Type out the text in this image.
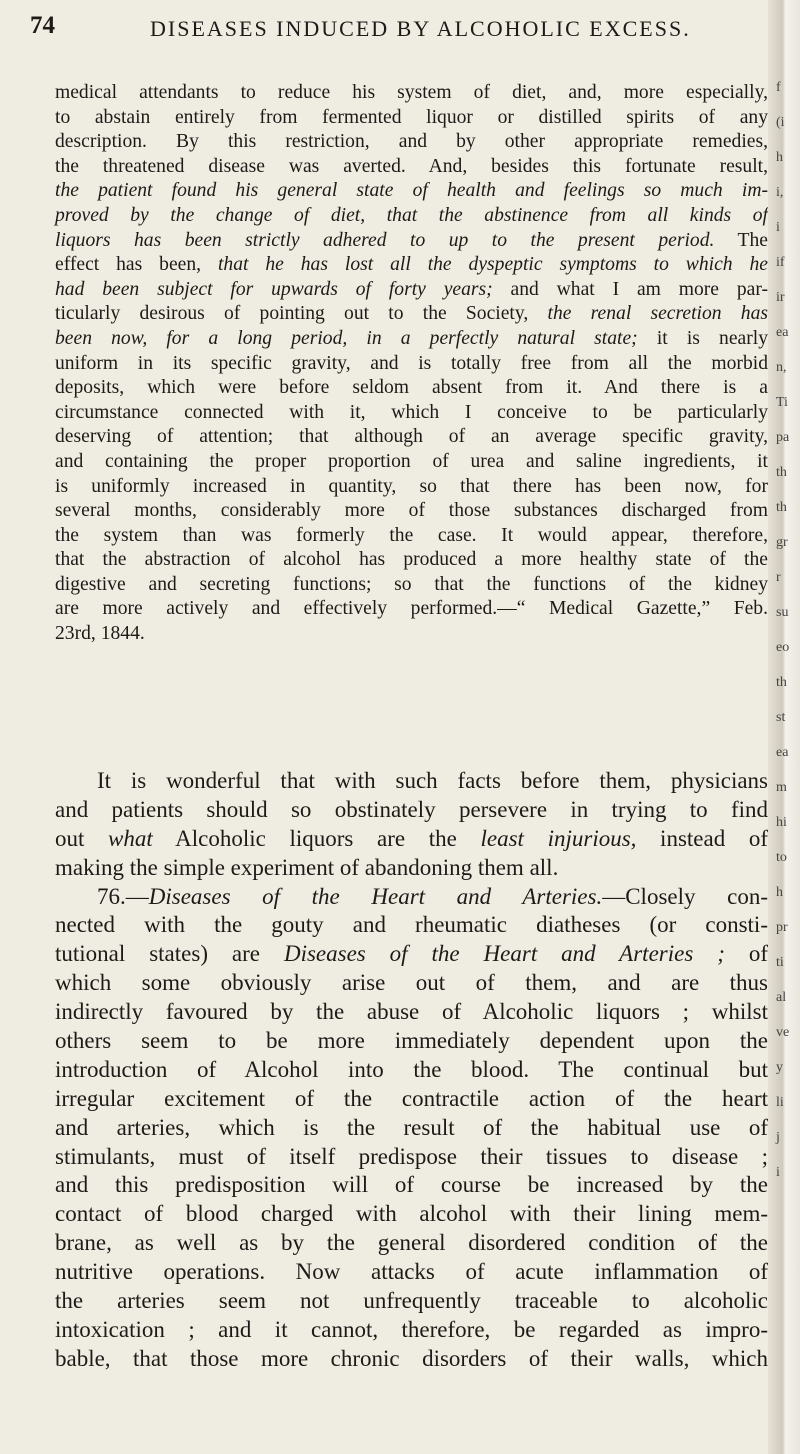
74	DISEASES INDUCED BY ALCOHOLIC EXCESS.
medical attendants to reduce his system of diet, and, more especially,
to abstain entirely from fermented liquor or distilled spirits of any
description. By this restriction, and by other appropriate remedies,
the threatened disease was averted. And, besides this fortunate result,
the patient found his general state of health and feelings so much im-
proved by the change of diet, that the abstinence from all kinds of
liquors has been strictly adhered to up to the present period. The
effect has been, that he has lost all the dyspeptic symptoms to which he
had been subject for upwards of forty years; and what I am more par-
ticularly desirous of pointing out to the Society, the renal secretion has
been now, for a long period, in a perfectly natural state; it is nearly
uniform in its specific gravity, and is totally free from all the morbid
deposits, which were before seldom absent from it. And there is a
circumstance connected with it, which I conceive to be particularly
deserving of attention; that although of an average specific gravity,
and containing the proper proportion of urea and saline ingredients, it
is uniformly increased in quantity, so that there has been now, for
several months, considerably more of those substances discharged from
the system than was formerly the case. It would appear, therefore,
that the abstraction of alcohol has produced a more healthy state of the
digestive and secreting functions; so that the functions of the kidney
are more actively and effectively performed.—“ Medical Gazette,” Feb.
23rd, 1844.
It is wonderful that with such facts before them, physicians
and patients should so obstinately persevere in trying to find
out what Alcoholic liquors are the least injurious, instead of
making the simple experiment of abandoning them all.
76.—Diseases of the Heart and Arteries.—Closely con-
nected with the gouty and rheumatic diatheses (or consti-
tutional states) are Diseases of the Heart and Arteries ; of
which some obviously arise out of them, and are thus
indirectly favoured by the abuse of Alcoholic liquors ; whilst
others seem to be more immediately dependent upon the
introduction of Alcohol into the blood. The continual but
irregular excitement of the contractile action of the heart
and arteries, which is the result of the habitual use of
stimulants, must of itself predispose their tissues to disease ;
and this predisposition will of course be increased by the
contact of blood charged with alcohol with their lining mem-
brane, as well as by the general disordered condition of the
nutritive operations. Now attacks of acute inflammation of
the arteries seem not unfrequently traceable to alcoholic
intoxication ; and it cannot, therefore, be regarded as impro-
bable, that those more chronic disorders of their walls, which
f
(i
h
i,
i
if
ir
ea
n,
Ti
pa
th
th
gr
r
su
eo
th
st
ea
m
hi
to
h
pr
ti
al
ve
y
li
j
i
